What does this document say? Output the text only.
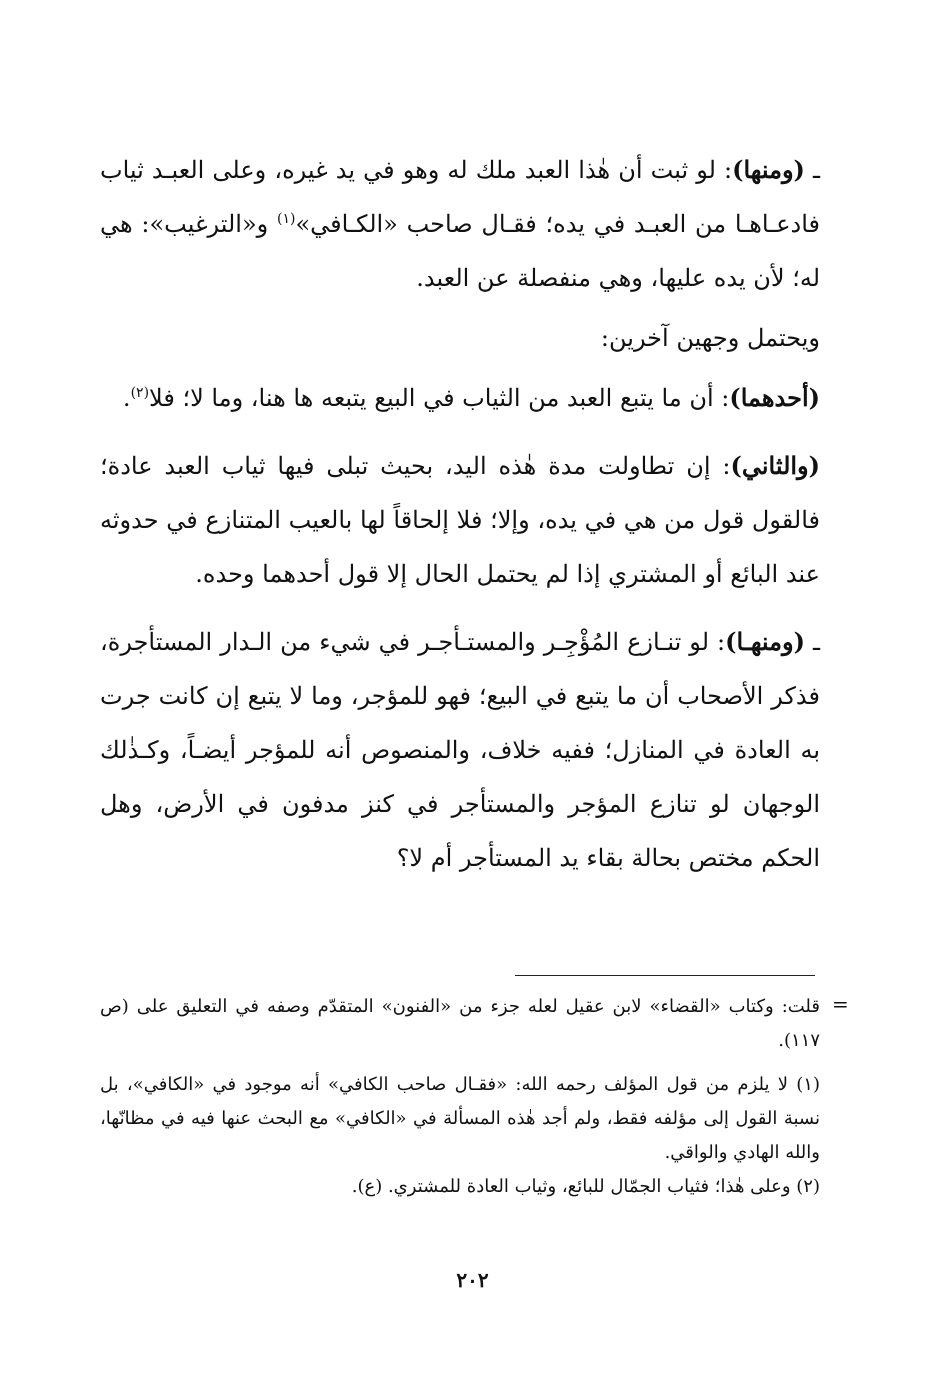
ـ (ومنها): لو ثبت أن هٰذا العبد ملك له وهو في يد غيره، وعلى العبـد ثياب فادعـاهـا من العبـد في يده؛ فقـال صاحب «الكـافي»$^{(١)}$ و«الترغيب»: هي له؛ لأن يده عليها، وهي منفصلة عن العبد.

ويحتمل وجهين آخرين:

(أحدهما): أن ما يتبع العبد من الثياب في البيع يتبعه ها هنا، وما لا؛ فلا$^{(٢)}$.

(والثاني): إن تطاولت مدة هٰذه اليد، بحيث تبلى فيها ثياب العبد عادة؛ فالقول قول من هي في يده، وإلا؛ فلا إلحاقاً لها بالعيب المتنازع في حدوثه عند البائع أو المشتري إذا لم يحتمل الحال إلا قول أحدهما وحده.

ـ (ومنهـا): لو تنـازع المُؤْجِـر والمستـأجـر في شيء من الـدار المستأجرة، فذكر الأصحاب أن ما يتبع في البيع؛ فهو للمؤجر، وما لا يتبع إن كانت جرت به العادة في المنازل؛ ففيه خلاف، والمنصوص أنه للمؤجر أيضـاً، وكـذٰلك الوجهان لو تنازع المؤجر والمستأجر في كنز مدفون في الأرض، وهل الحكم مختص بحالة بقاء يد المستأجر أم لا؟

=

قلت: وكتاب «القضاء» لابن عقيل لعله جزء من «الفنون» المتقدّم وصفه في التعليق على (ص ١١٧).

(١) لا يلزم من قول المؤلف رحمه الله: «فقـال صاحب الكافي» أنه موجود في «الكافي»، بل نسبة القول إلى مؤلفه فقط، ولم أجد هٰذه المسألة في «الكافي» مع البحث عنها فيه في مظانّها، والله الهادي والواقي.

(٢) وعلى هٰذا؛ فثياب الجمّال للبائع، وثياب العادة للمشتري. (ع).

٢٠٢
